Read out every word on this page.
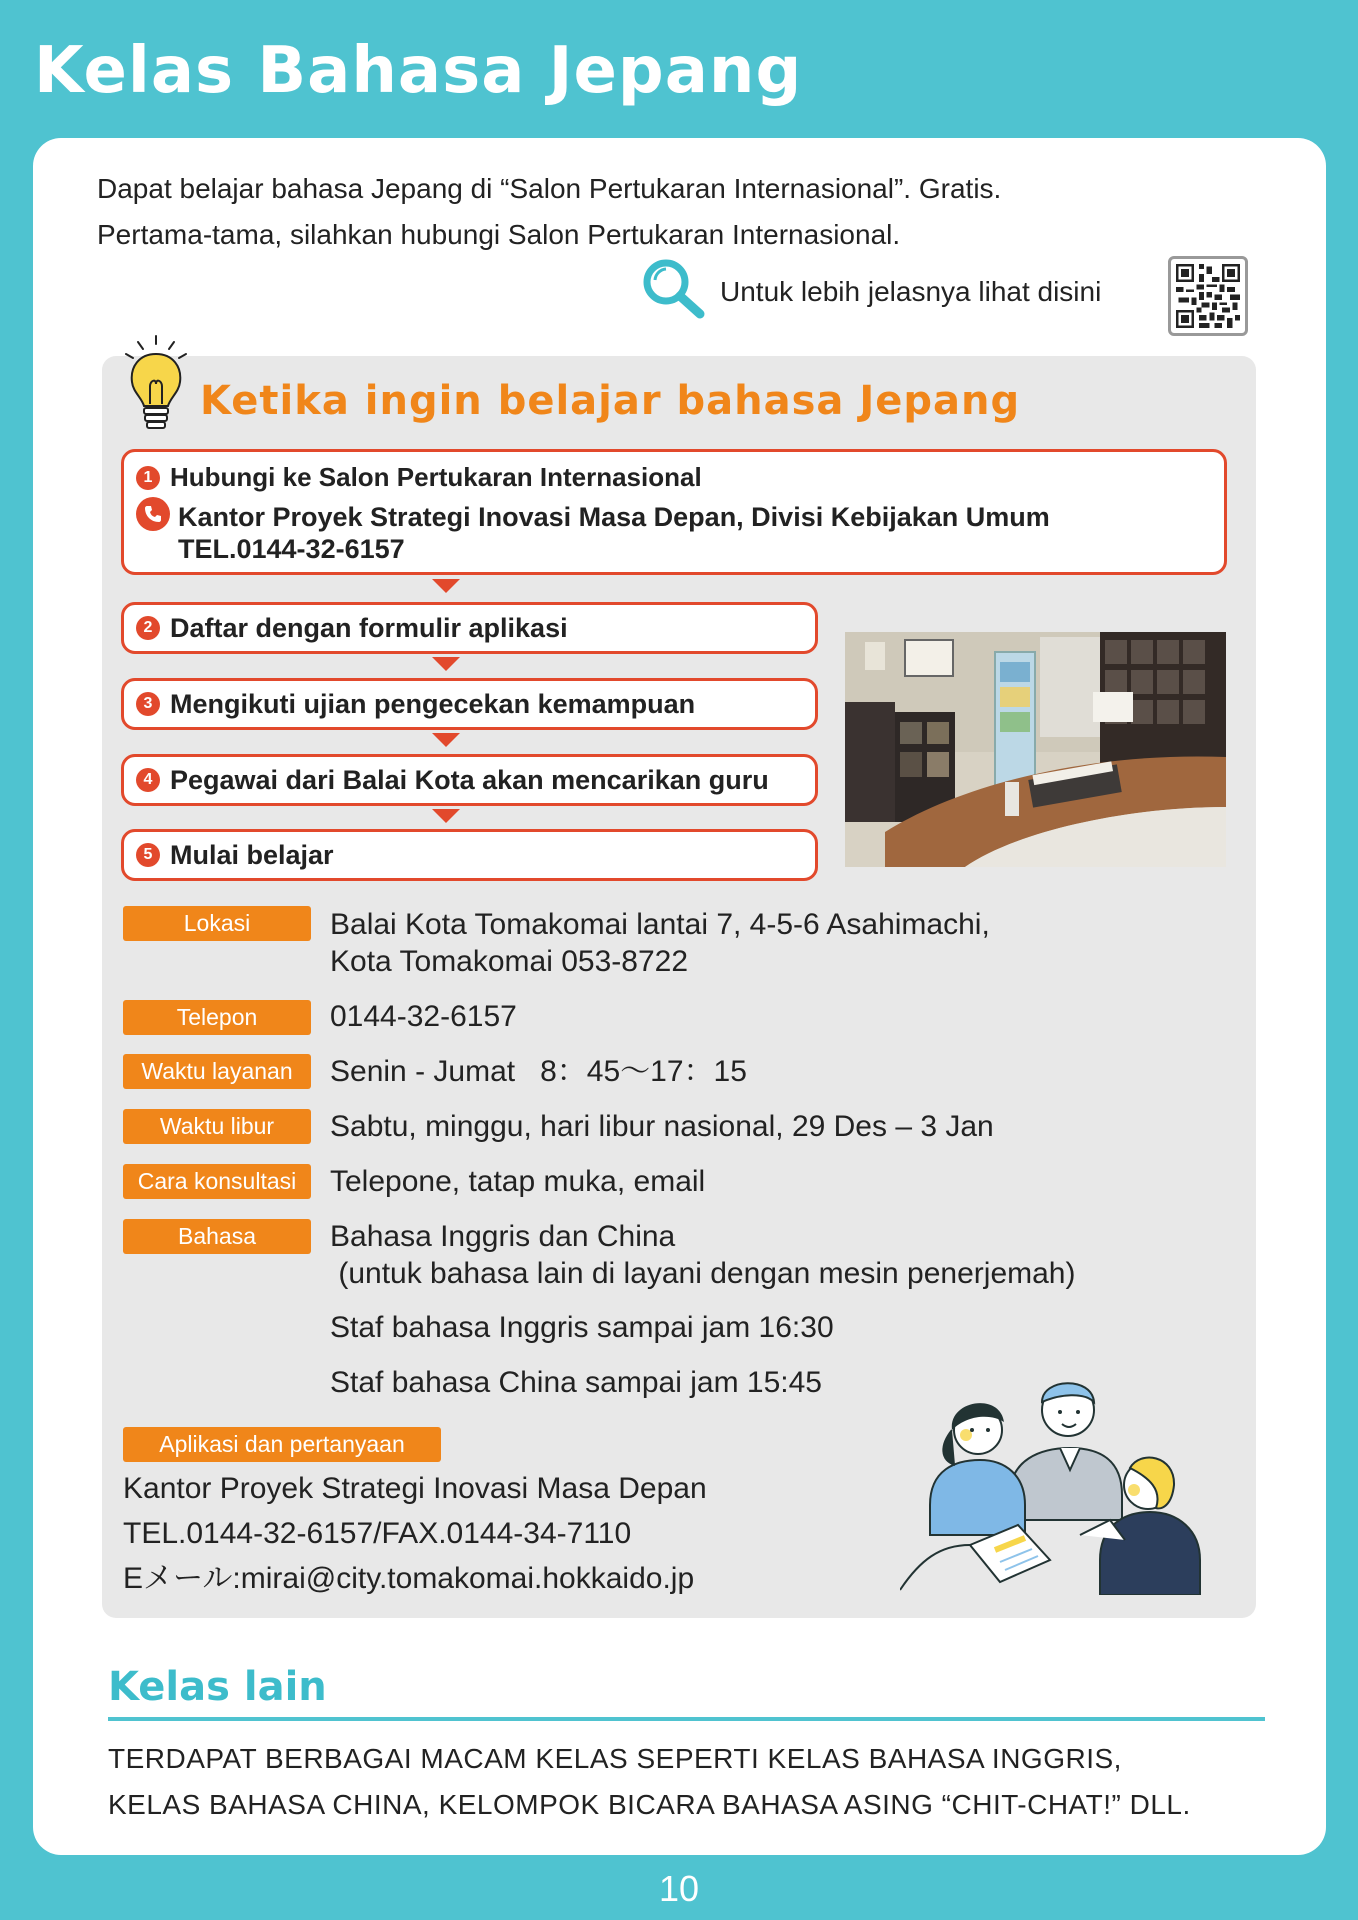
Kelas Bahasa Jepang
Dapat belajar bahasa Jepang di “Salon Pertukaran Internasional”. Gratis.
Pertama-tama, silahkan hubungi Salon Pertukaran Internasional.
Untuk lebih jelasnya lihat disini
Ketika ingin belajar bahasa Jepang
1 Hubungi ke Salon Pertukaran Internasional
Kantor Proyek Strategi Inovasi Masa Depan, Divisi Kebijakan Umum
TEL.0144-32-6157
2 Daftar dengan formulir aplikasi
3 Mengikuti ujian pengecekan kemampuan
4 Pegawai dari Balai Kota akan mencarikan guru
5 Mulai belajar
Lokasi	Balai Kota Tomakomai lantai 7, 4-5-6 Asahimachi,
Kota Tomakomai 053-8722
Telepon	0144-32-6157
Waktu layanan	Senin - Jumat   8：45～17：15
Waktu libur	Sabtu, minggu, hari libur nasional, 29 Des – 3 Jan
Cara konsultasi	Telepone, tatap muka, email
Bahasa	Bahasa Inggris dan China
(untuk bahasa lain di layani dengan mesin penerjemah)
Staf bahasa Inggris sampai jam 16:30
Staf bahasa China sampai jam 15:45
Aplikasi dan pertanyaan
Kantor Proyek Strategi Inovasi Masa Depan
TEL.0144-32-6157/FAX.0144-34-7110
Eメール:mirai@city.tomakomai.hokkaido.jp
Kelas lain
TERDAPAT BERBAGAI MACAM KELAS SEPERTI KELAS BAHASA INGGRIS,
KELAS BAHASA CHINA, KELOMPOK BICARA BAHASA ASING “CHIT-CHAT!” DLL.
10
